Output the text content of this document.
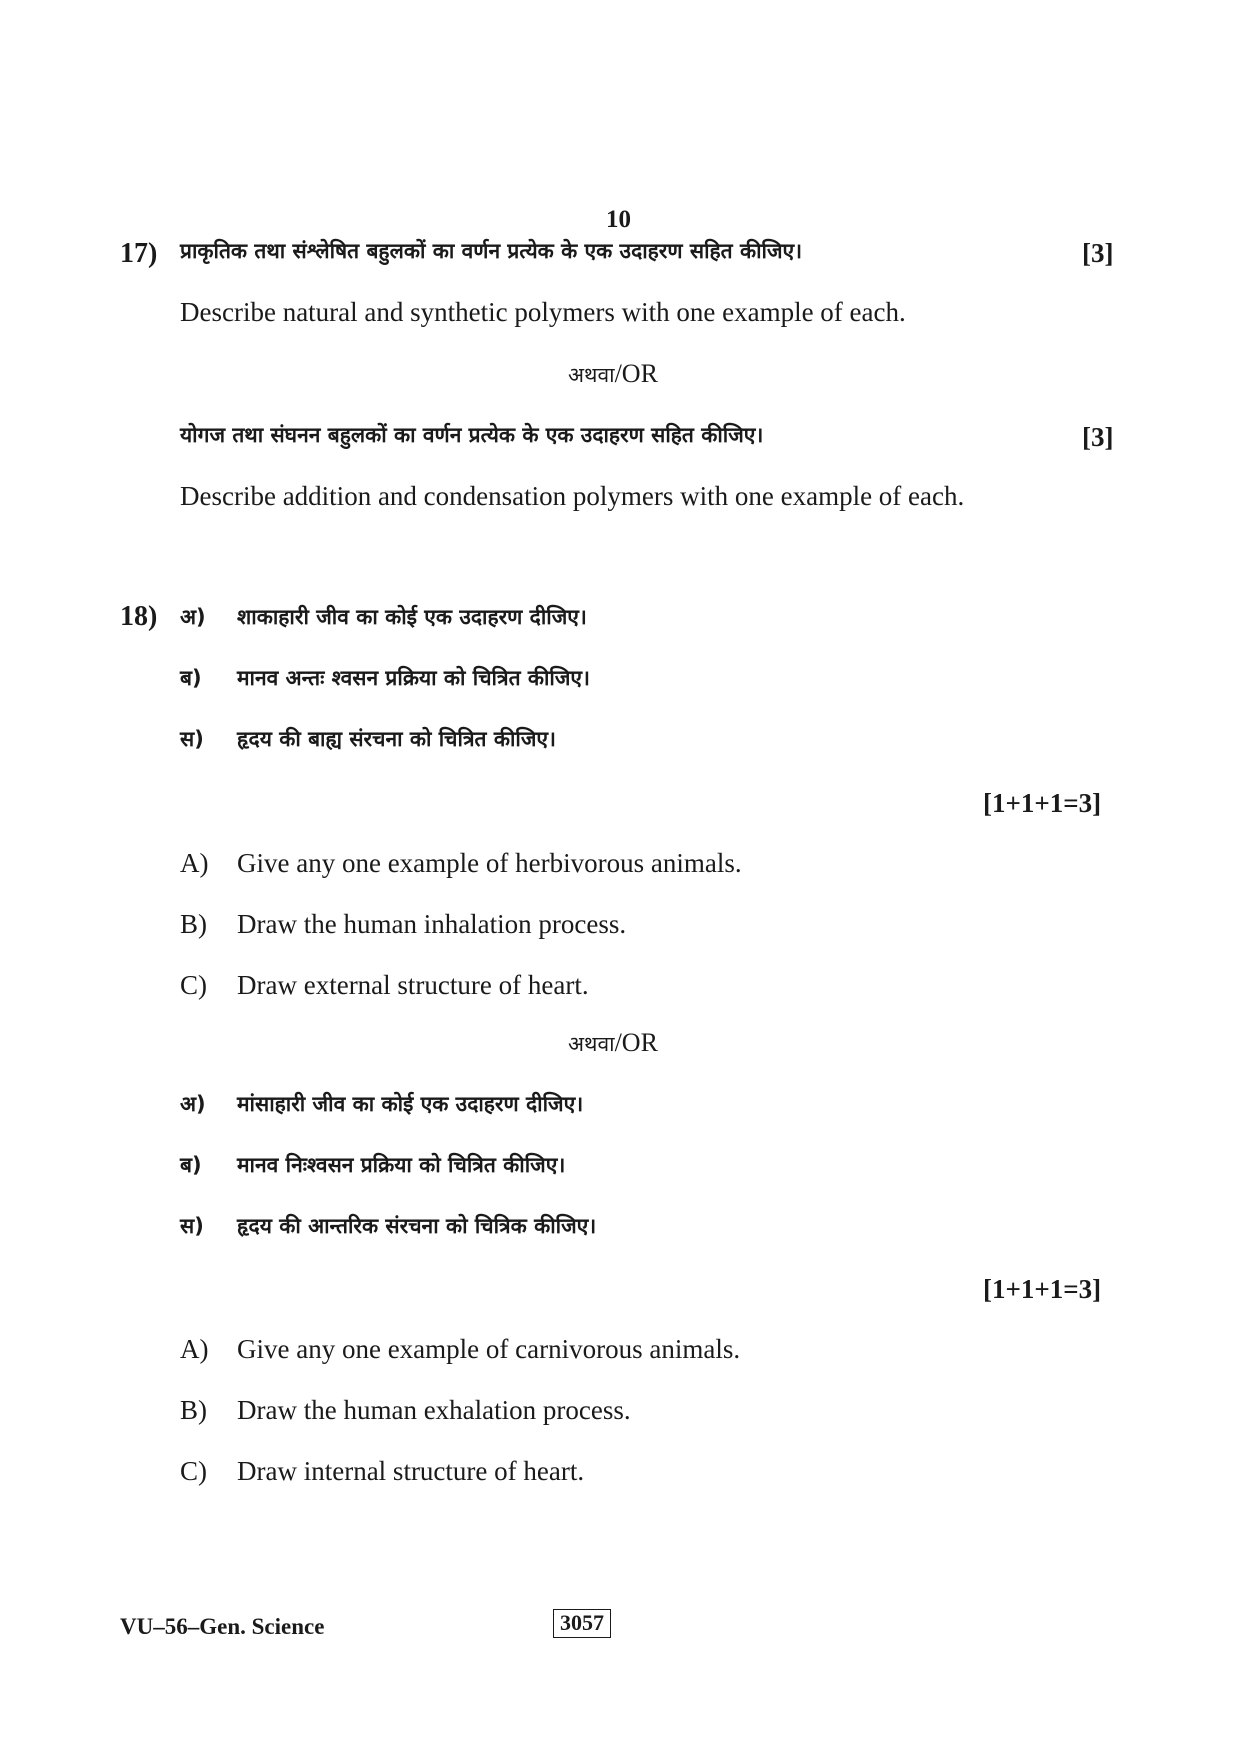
10
17) प्राकृतिक तथा संश्लेषित बहुलकों का वर्णन प्रत्येक के एक उदाहरण सहित कीजिए।	[3]
Describe natural and synthetic polymers with one example of each.
अथवा/OR
योगज तथा संघनन बहुलकों का वर्णन प्रत्येक के एक उदाहरण सहित कीजिए।	[3]
Describe addition and condensation polymers with one example of each.
18) अ) शाकाहारी जीव का कोई एक उदाहरण दीजिए।
ब) मानव अन्तः श्वसन प्रक्रिया को चित्रित कीजिए।
स) हृदय की बाह्य संरचना को चित्रित कीजिए।
[1+1+1=3]
A) Give any one example of herbivorous animals.
B) Draw the human inhalation process.
C) Draw external structure of heart.
अथवा/OR
अ) मांसाहारी जीव का कोई एक उदाहरण दीजिए।
ब) मानव निःश्वसन प्रक्रिया को चित्रित कीजिए।
स) हृदय की आन्तरिक संरचना को चित्रिक कीजिए।
[1+1+1=3]
A) Give any one example of carnivorous animals.
B) Draw the human exhalation process.
C) Draw internal structure of heart.
VU–56–Gen. Science	3057
